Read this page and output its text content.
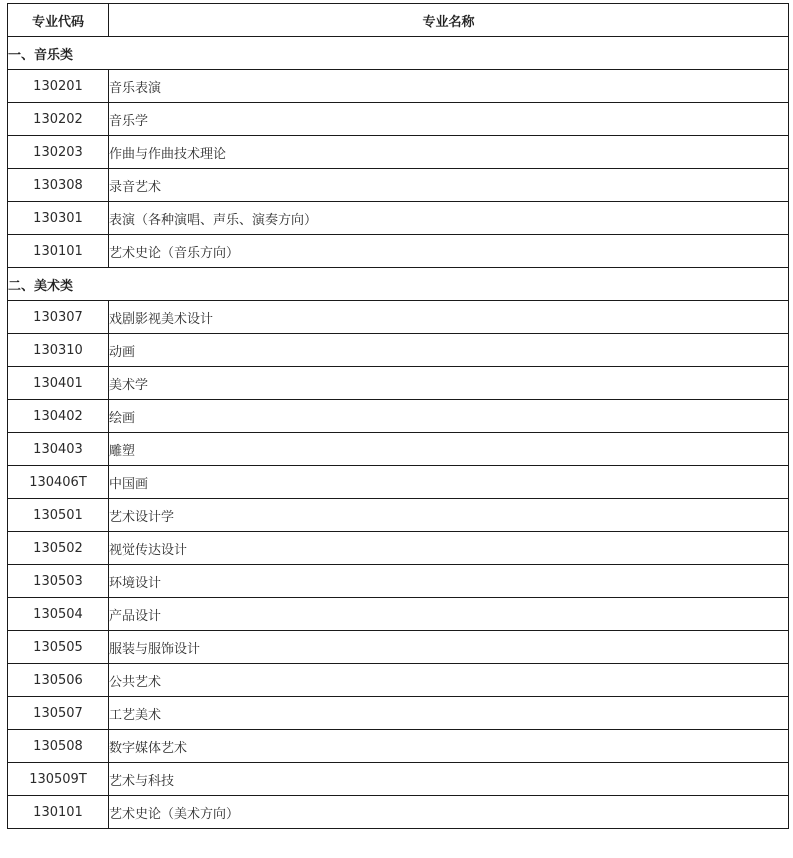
专业代码	专业名称
一、音乐类	
130201	音乐表演
130202	音乐学
130203	作曲与作曲技术理论
130308	录音艺术
130301	表演（各种演唱、声乐、演奏方向）
130101	艺术史论（音乐方向）
二、美术类	
130307	戏剧影视美术设计
130310	动画
130401	美术学
130402	绘画
130403	雕塑
130406T	中国画
130501	艺术设计学
130502	视觉传达设计
130503	环境设计
130504	产品设计
130505	服装与服饰设计
130506	公共艺术
130507	工艺美术
130508	数字媒体艺术
130509T	艺术与科技
130101	艺术史论（美术方向）
